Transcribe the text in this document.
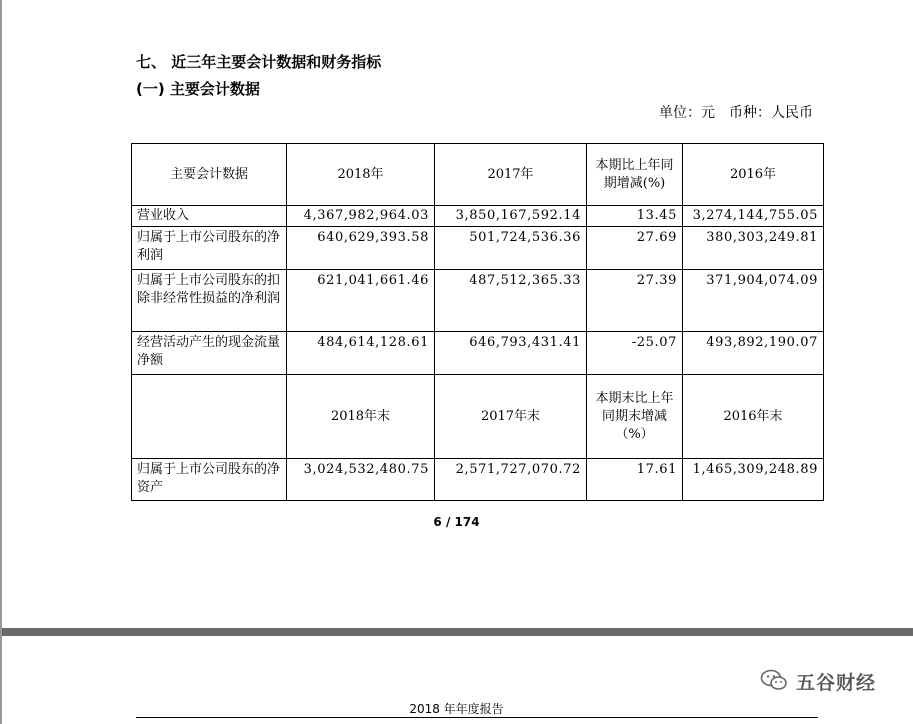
七、 近三年主要会计数据和财务指标
(一) 主要会计数据
单位：元 币种：人民币
主要会计数据	2018年	2017年	本期比上年同期增减(%)	2016年
营业收入	4,367,982,964.03	3,850,167,592.14	13.45	3,274,144,755.05
归属于上市公司股东的净利润	640,629,393.58	501,724,536.36	27.69	380,303,249.81
归属于上市公司股东的扣除非经常性损益的净利润	621,041,661.46	487,512,365.33	27.39	371,904,074.09
经营活动产生的现金流量净额	484,614,128.61	646,793,431.41	-25.07	493,892,190.07
	2018年末	2017年末	本期末比上年同期末增减（%）	2016年末
归属于上市公司股东的净资产	3,024,532,480.75	2,571,727,070.72	17.61	1,465,309,248.89
6 / 174
五谷财经
2018 年年度报告
